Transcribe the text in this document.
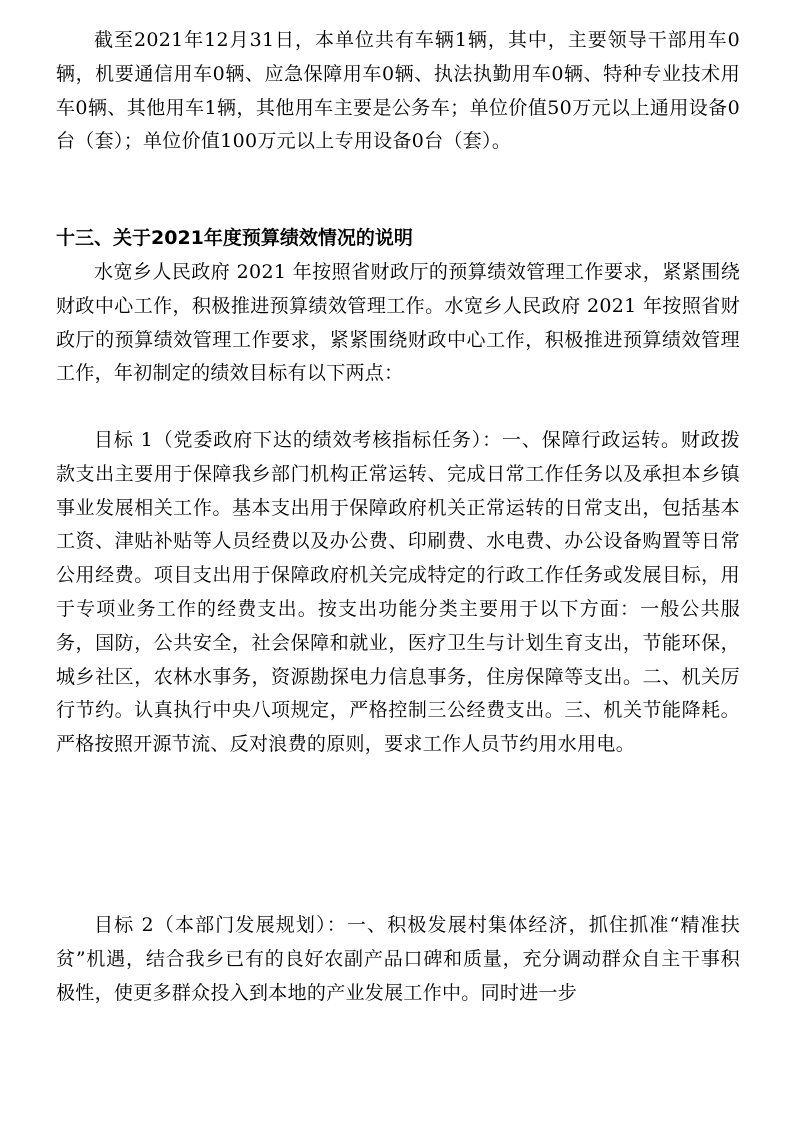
截至2021年12月31日，本单位共有车辆1辆，其中，主要领导干部用车0辆，机要通信用车0辆、应急保障用车0辆、执法执勤用车0辆、特种专业技术用车0辆、其他用车1辆，其他用车主要是公务车；单位价值50万元以上通用设备0台（套）；单位价值100万元以上专用设备0台（套）。

十三、关于2021年度预算绩效情况的说明

水宽乡人民政府 2021 年按照省财政厅的预算绩效管理工作要求，紧紧围绕财政中心工作，积极推进预算绩效管理工作。水宽乡人民政府 2021 年按照省财政厅的预算绩效管理工作要求，紧紧围绕财政中心工作，积极推进预算绩效管理工作，年初制定的绩效目标有以下两点：

目标 1（党委政府下达的绩效考核指标任务）：一、保障行政运转。财政拨款支出主要用于保障我乡部门机构正常运转、完成日常工作任务以及承担本乡镇事业发展相关工作。基本支出用于保障政府机关正常运转的日常支出，包括基本工资、津贴补贴等人员经费以及办公费、印刷费、水电费、办公设备购置等日常公用经费。项目支出用于保障政府机关完成特定的行政工作任务或发展目标，用于专项业务工作的经费支出。按支出功能分类主要用于以下方面：一般公共服务，国防，公共安全，社会保障和就业，医疗卫生与计划生育支出，节能环保，城乡社区，农林水事务，资源勘探电力信息事务，住房保障等支出。二、机关厉行节约。认真执行中央八项规定，严格控制三公经费支出。三、机关节能降耗。严格按照开源节流、反对浪费的原则，要求工作人员节约用水用电。

目标 2（本部门发展规划）：一、积极发展村集体经济，抓住抓准“精准扶贫”机遇，结合我乡已有的良好农副产品口碑和质量，充分调动群众自主干事积极性，使更多群众投入到本地的产业发展工作中。同时进一步
